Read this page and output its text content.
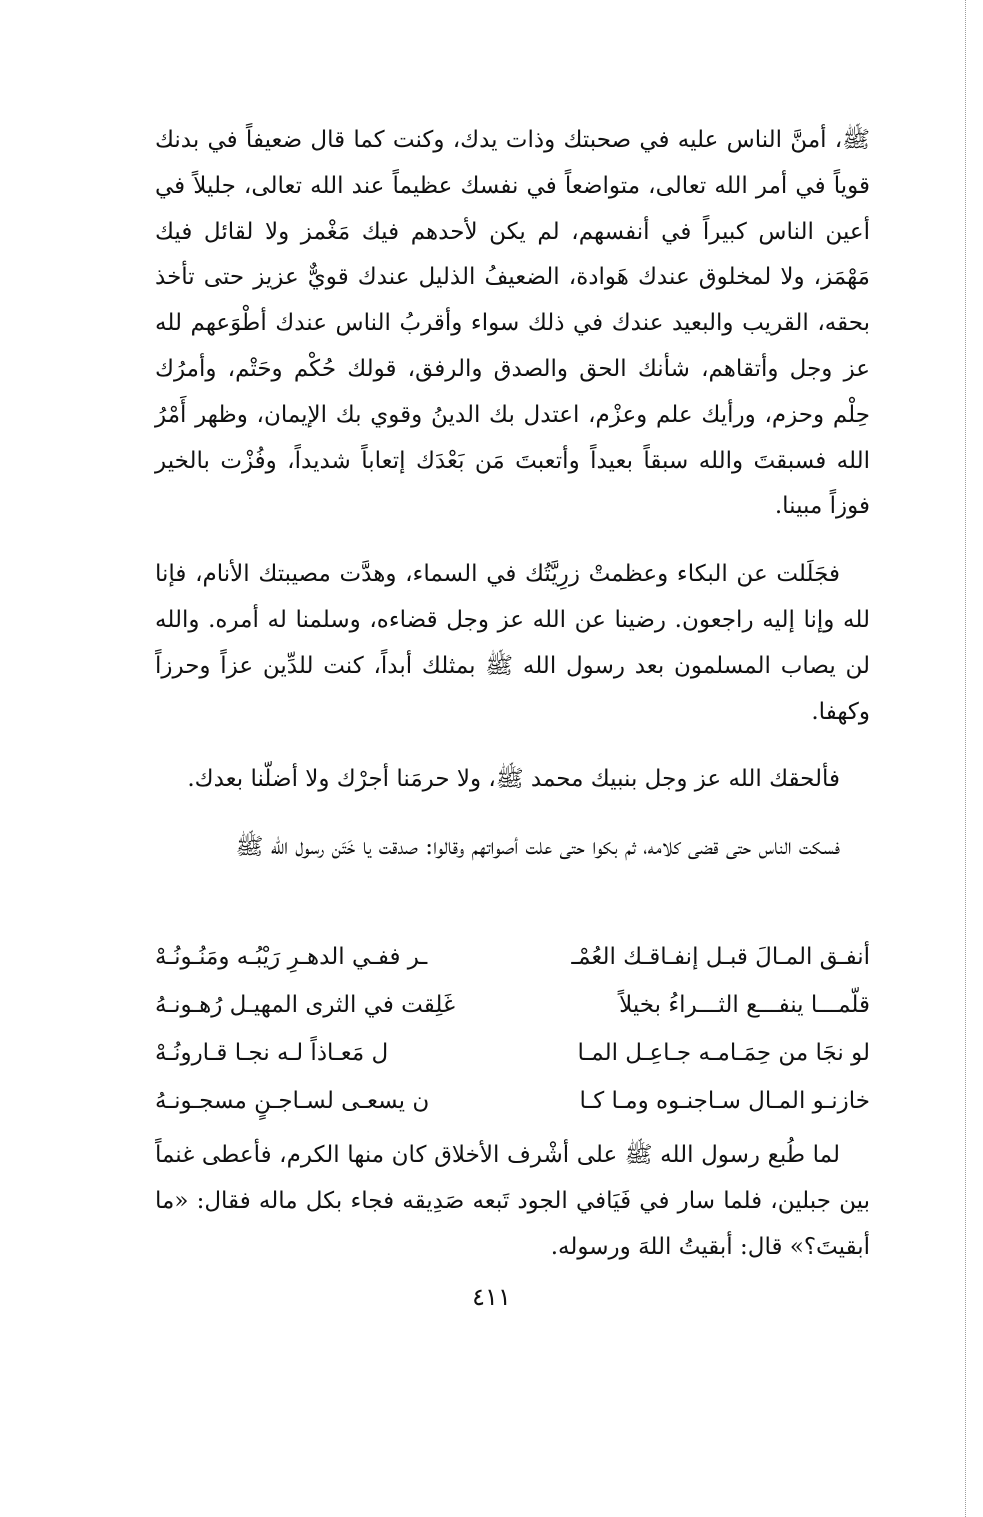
ﷺ، أمنَّ الناس عليه في صحبتك وذات يدك، وكنت كما قال ضعيفاً في بدنك قوياً في أمر الله تعالى، متواضعاً في نفسك عظيماً عند الله تعالى، جليلاً في أعين الناس كبيراً في أنفسهم، لم يكن لأحدهم فيك مَغْمز ولا لقائل فيك مَهْمَز، ولا لمخلوق عندك هَوادة، الضعيفُ الذليل عندك قويٌّ عزيز حتى تأخذ بحقه، القريب والبعيد عندك في ذلك سواء وأقربُ الناس عندك أطْوَعهم لله عز وجل وأتقاهم، شأنك الحق والصدق والرفق، قولك حُكْم وحَتْم، وأمرُك حِلْم وحزم، ورأيك علم وعزْم، اعتدل بك الدينُ وقوي بك الإيمان، وظهر أَمْرُ الله فسبقتَ والله سبقاً بعيداً وأتعبتَ مَن بَعْدَك إتعاباً شديداً، وفُزْت بالخير فوزاً مبينا.

فجَلَلت عن البكاء وعظمتْ زرِيَّتُك في السماء، وهدَّت مصيبتك الأنام، فإنا لله وإنا إليه راجعون. رضينا عن الله عز وجل قضاءه، وسلمنا له أمره. والله لن يصاب المسلمون بعد رسول الله ﷺ بمثلك أبداً، كنت للدِّين عزاً وحرزاً وكهفا.

فألحقك الله عز وجل بنبيك محمد ﷺ، ولا حرمَنا أجرْك ولا أضلّنا بعدك.

فسكت الناس حتى قضى كلامه، ثم بكوا حتى علت أصواتهم وقالوا: صدقت يا خَتَن رسول الله ﷺ

أنفـق المـالَ قبـل إنفـاقـك العُمْـ
ـر ففـي الدهـرِ رَيْبُـه ومَنُـونُـهْ
قلّمـــا ينفـــع الثـــراءُ بخيلاً
غَلِقت في الثرى المهيـل رُهـونـهُ
لو نجَا من حِمَـامـه جـاعِـل المـا
ل مَعـاذاً لـه نجـا قـارونُـهْ
خازنـو المـال سـاجنـوه ومـا كـا
ن يسعـى لسـاجـنٍ مسجـونـهُ

لما طُبع رسول الله ﷺ على أشْرف الأخلاق كان منها الكرم، فأعطى غنماً بين جبلين، فلما سار في فَيَافي الجود تَبعه صَدِيقه فجاء بكل ماله فقال: «ما أبقيتَ؟» قال: أبقيتُ اللهَ ورسوله.

٤١١
